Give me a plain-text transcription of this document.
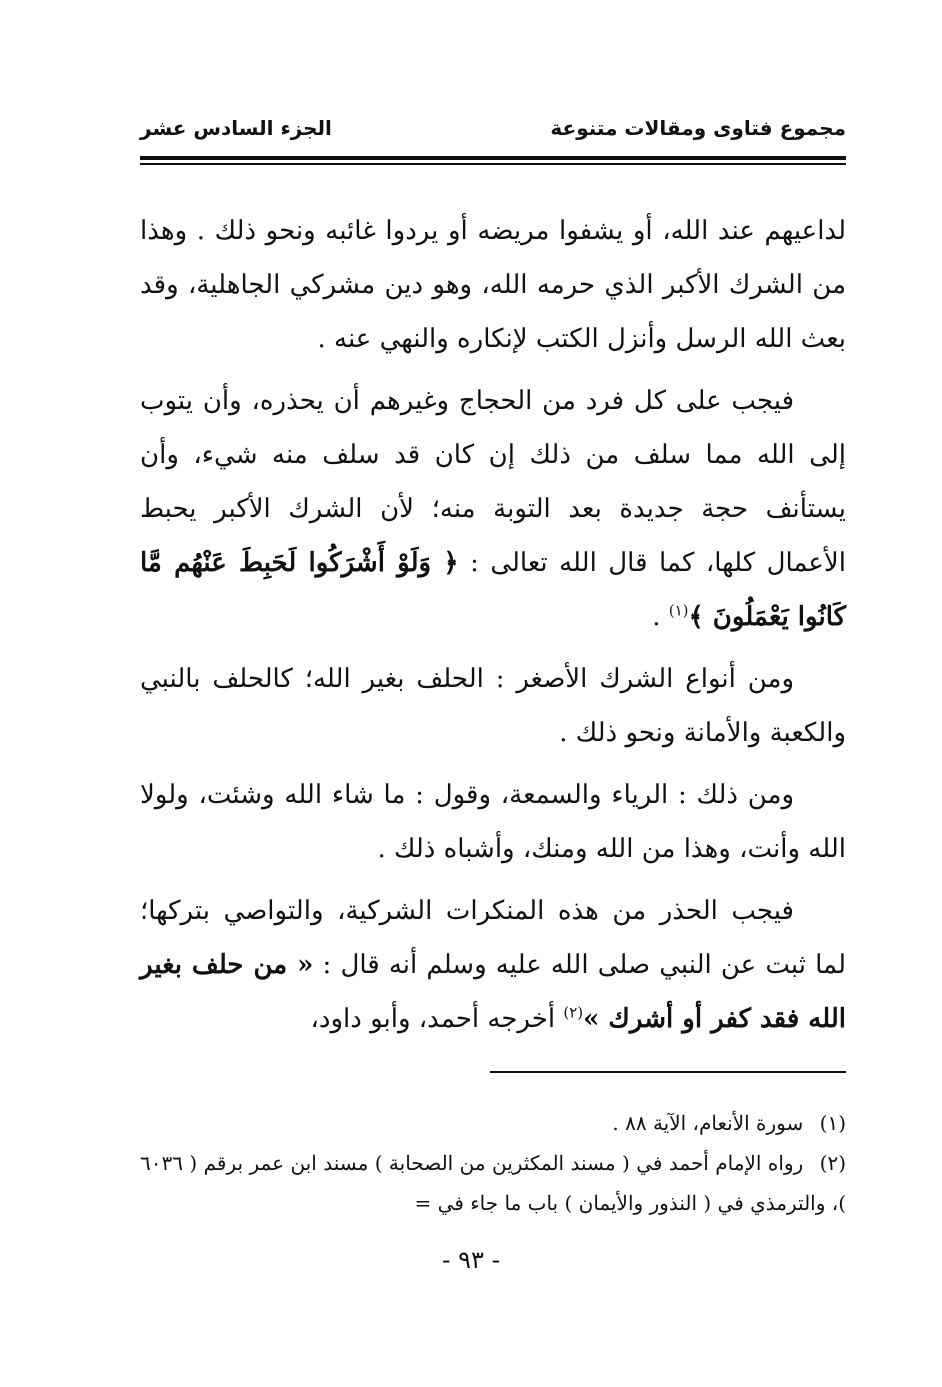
مجموع فتاوى ومقالات متنوعة
الجزء السادس عشر

لداعيهم عند الله، أو يشفوا مريضه أو يردوا غائبه ونحو ذلك . وهذا من الشرك الأكبر الذي حرمه الله، وهو دين مشركي الجاهلية، وقد بعث الله الرسل وأنزل الكتب لإنكاره والنهي عنه .

فيجب على كل فرد من الحجاج وغيرهم أن يحذره، وأن يتوب إلى الله مما سلف من ذلك إن كان قد سلف منه شيء، وأن يستأنف حجة جديدة بعد التوبة منه؛ لأن الشرك الأكبر يحبط الأعمال كلها، كما قال الله تعالى : ﴿ وَلَوْ أَشْرَكُوا لَحَبِطَ عَنْهُم مَّا كَانُوا يَعْمَلُونَ ﴾$^{(١)}$ .

ومن أنواع الشرك الأصغر : الحلف بغير الله؛ كالحلف بالنبي والكعبة والأمانة ونحو ذلك .

ومن ذلك : الرياء والسمعة، وقول : ما شاء الله وشئت، ولولا الله وأنت، وهذا من الله ومنك، وأشباه ذلك .

فيجب الحذر من هذه المنكرات الشركية، والتواصي بتركها؛ لما ثبت عن النبي صلى الله عليه وسلم أنه قال : « من حلف بغير الله فقد كفر أو أشرك »$^{(٢)}$ أخرجه أحمد، وأبو داود،

(١) سورة الأنعام، الآية ٨٨ .

(٢) رواه الإمام أحمد في ( مسند المكثرين من الصحابة ) مسند ابن عمر برقم ( ٦٠٣٦ )، والترمذي في ( النذور والأيمان ) باب ما جاء في =

- ٩٣ -
